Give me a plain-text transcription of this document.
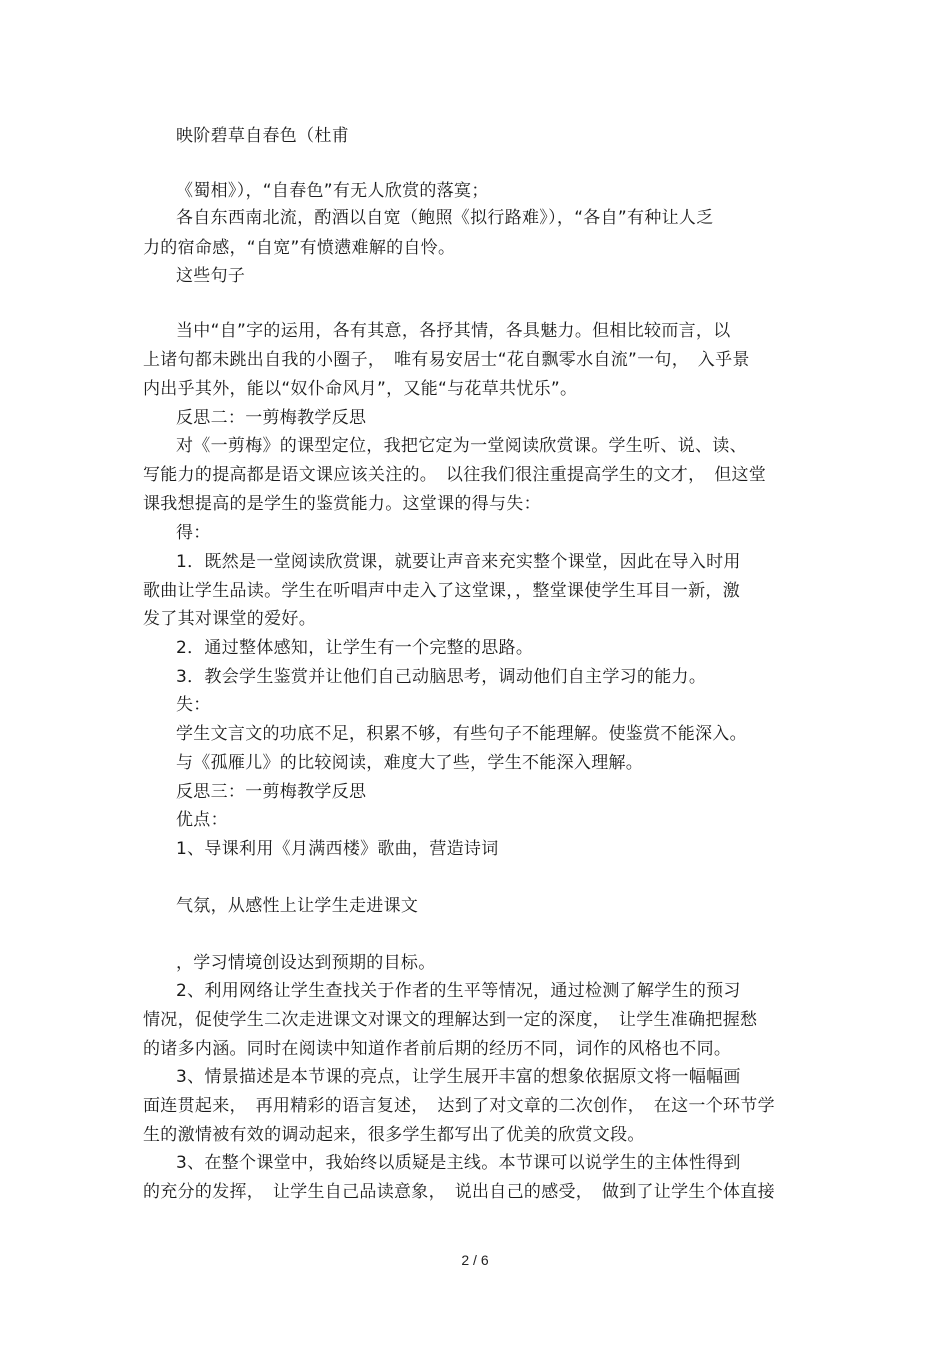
映阶碧草自春色（杜甫
《蜀相》），“自春色”有无人欣赏的落寞；
各自东西南北流，酌酒以自宽（鲍照《拟行路难》），“各自”有种让人乏
力的宿命感，“自宽”有愤懑难解的自怜。
这些句子
当中“自”字的运用，各有其意，各抒其情，各具魅力。但相比较而言，以
上诸句都未跳出自我的小圈子，　唯有易安居士“花自飘零水自流”一句，　入乎景
内出乎其外，能以“奴仆命风月”，又能“与花草共忧乐”。
反思二：一剪梅教学反思
对《一剪梅》的课型定位，我把它定为一堂阅读欣赏课。学生听、说、读、
写能力的提高都是语文课应该关注的。　以往我们很注重提高学生的文才，　但这堂
课我想提高的是学生的鉴赏能力。这堂课的得与失：
得：
1．既然是一堂阅读欣赏课，就要让声音来充实整个课堂，因此在导入时用
歌曲让学生品读。学生在听唱声中走入了这堂课，，整堂课使学生耳目一新，激
发了其对课堂的爱好。
2．通过整体感知，让学生有一个完整的思路。
3．教会学生鉴赏并让他们自己动脑思考，调动他们自主学习的能力。
失：
学生文言文的功底不足，积累不够，有些句子不能理解。使鉴赏不能深入。
与《孤雁儿》的比较阅读，难度大了些，学生不能深入理解。
反思三：一剪梅教学反思
优点：
1、导课利用《月满西楼》歌曲，营造诗词
气氛，从感性上让学生走进课文
，学习情境创设达到预期的目标。
2、利用网络让学生查找关于作者的生平等情况，通过检测了解学生的预习
情况，促使学生二次走进课文对课文的理解达到一定的深度，　让学生准确把握愁
的诸多内涵。同时在阅读中知道作者前后期的经历不同，词作的风格也不同。
3、情景描述是本节课的亮点，让学生展开丰富的想象依据原文将一幅幅画
面连贯起来，　再用精彩的语言复述，　达到了对文章的二次创作，　在这一个环节学
生的激情被有效的调动起来，很多学生都写出了优美的欣赏文段。
3、在整个课堂中，我始终以质疑是主线。本节课可以说学生的主体性得到
的充分的发挥，　让学生自己品读意象，　说出自己的感受，　做到了让学生个体直接
2 / 6
